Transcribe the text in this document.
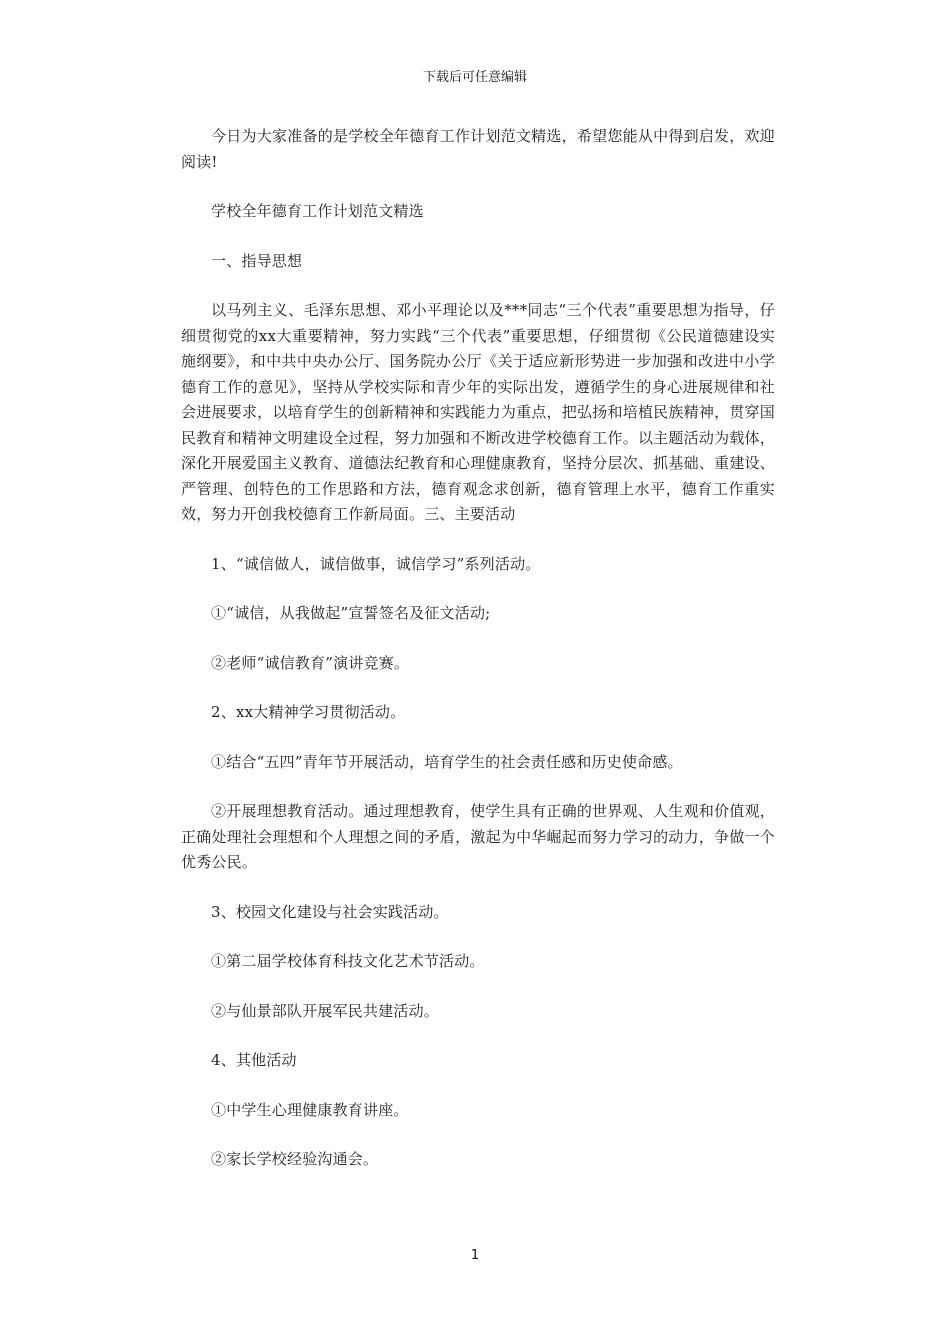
下载后可任意编辑

今日为大家准备的是学校全年德育工作计划范文精选，希望您能从中得到启发，欢迎阅读!

学校全年德育工作计划范文精选

一、指导思想

以马列主义、毛泽东思想、邓小平理论以及***同志“三个代表”重要思想为指导，仔细贯彻党的xx大重要精神，努力实践“三个代表”重要思想，仔细贯彻《公民道德建设实施纲要》，和中共中央办公厅、国务院办公厅《关于适应新形势进一步加强和改进中小学德育工作的意见》，坚持从学校实际和青少年的实际出发，遵循学生的身心进展规律和社会进展要求，以培育学生的创新精神和实践能力为重点，把弘扬和培植民族精神，贯穿国民教育和精神文明建设全过程，努力加强和不断改进学校德育工作。以主题活动为载体，深化开展爱国主义教育、道德法纪教育和心理健康教育，坚持分层次、抓基础、重建设、严管理、创特色的工作思路和方法，德育观念求创新，德育管理上水平，德育工作重实效，努力开创我校德育工作新局面。三、主要活动

1、“诚信做人，诚信做事，诚信学习”系列活动。

①“诚信，从我做起”宣誓签名及征文活动;

②老师“诚信教育”演讲竞赛。

2、xx大精神学习贯彻活动。

①结合“五四”青年节开展活动，培育学生的社会责任感和历史使命感。

②开展理想教育活动。通过理想教育，使学生具有正确的世界观、人生观和价值观，正确处理社会理想和个人理想之间的矛盾，激起为中华崛起而努力学习的动力，争做一个优秀公民。

3、校园文化建设与社会实践活动。

①第二届学校体育科技文化艺术节活动。

②与仙景部队开展军民共建活动。

4、其他活动

①中学生心理健康教育讲座。

②家长学校经验沟通会。

1
